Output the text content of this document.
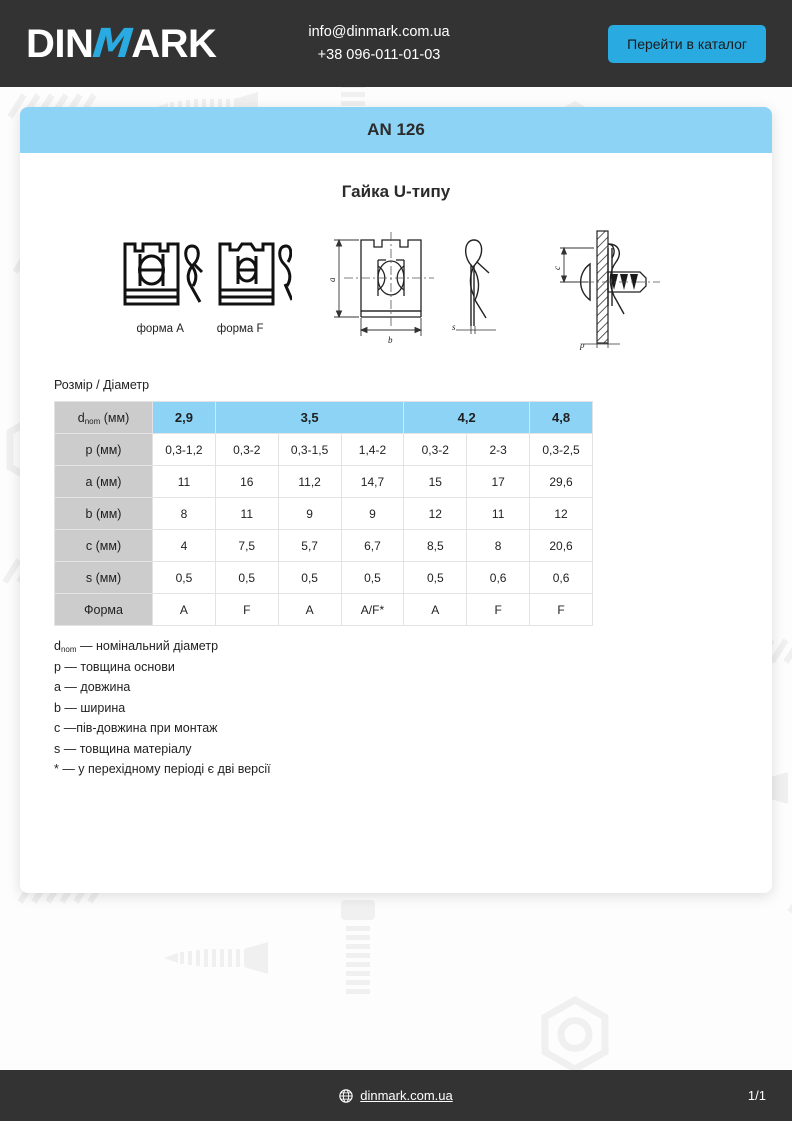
DIN
M
ARK	info@dinmark.com.ua
+38 096-011-01-03
Перейти в каталог
AN 126
Гайка U-типу
форма A	форма F
a
b
s
c
p
Розмір / Діаметр
$d_{nom}$ (мм)	2,9	3,5			4,2		4,8
p (мм)	0,3-1,2	0,3-2	0,3-1,5	1,4-2	0,3-2	2-3	0,3-2,5
a (мм)	11	16	11,2	14,7	15	17	29,6
b (мм)	8	11	9	9	12	11	12
c (мм)	4	7,5	5,7	6,7	8,5	8	20,6
s (мм)	0,5	0,5	0,5	0,5	0,5	0,6	0,6
Форма	A	F	A	A/F*	A	F	F
$d_{nom}$ — номінальний діаметр
p — товщина основи
a — довжина
b — ширина
c —пів-довжина при монтаж
s — товщина матеріалу
* — у перехідному періоді є дві версії
dinmark.com.ua	1/1
